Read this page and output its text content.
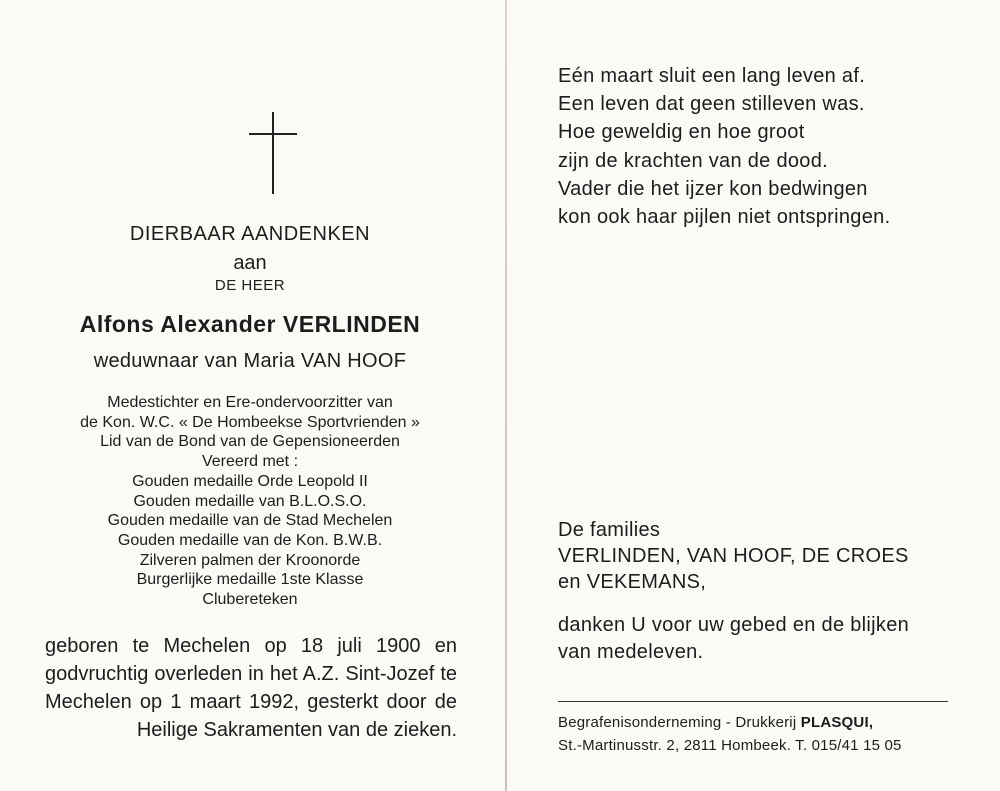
DIERBAAR AANDENKEN
aan
DE HEER
Alfons Alexander VERLINDEN
weduwnaar van Maria VAN HOOF
Medestichter en Ere-ondervoorzitter van
de Kon. W.C. « De Hombeekse Sportvrienden »
Lid van de Bond van de Gepensioneerden
Vereerd met :
Gouden medaille Orde Leopold II
Gouden medaille van B.L.O.S.O.
Gouden medaille van de Stad Mechelen
Gouden medaille van de Kon. B.W.B.
Zilveren palmen der Kroonorde
Burgerlijke medaille 1ste Klasse
Clubereteken
geboren te Mechelen op 18 juli 1900 en godvruchtig overleden in het A.Z. Sint-Jozef te Mechelen op 1 maart 1992, gesterkt door de Heilige Sakramenten van de zieken.
Eén maart sluit een lang leven af.
Een leven dat geen stilleven was.
Hoe geweldig en hoe groot
zijn de krachten van de dood.
Vader die het ijzer kon bedwingen
kon ook haar pijlen niet ontspringen.
De families
VERLINDEN, VAN HOOF, DE CROES
en VEKEMANS,
danken U voor uw gebed en de blijken
van medeleven.
Begrafenisonderneming - Drukkerij PLASQUI,
St.-Martinusstr. 2, 2811 Hombeek. T. 015/41 15 05
